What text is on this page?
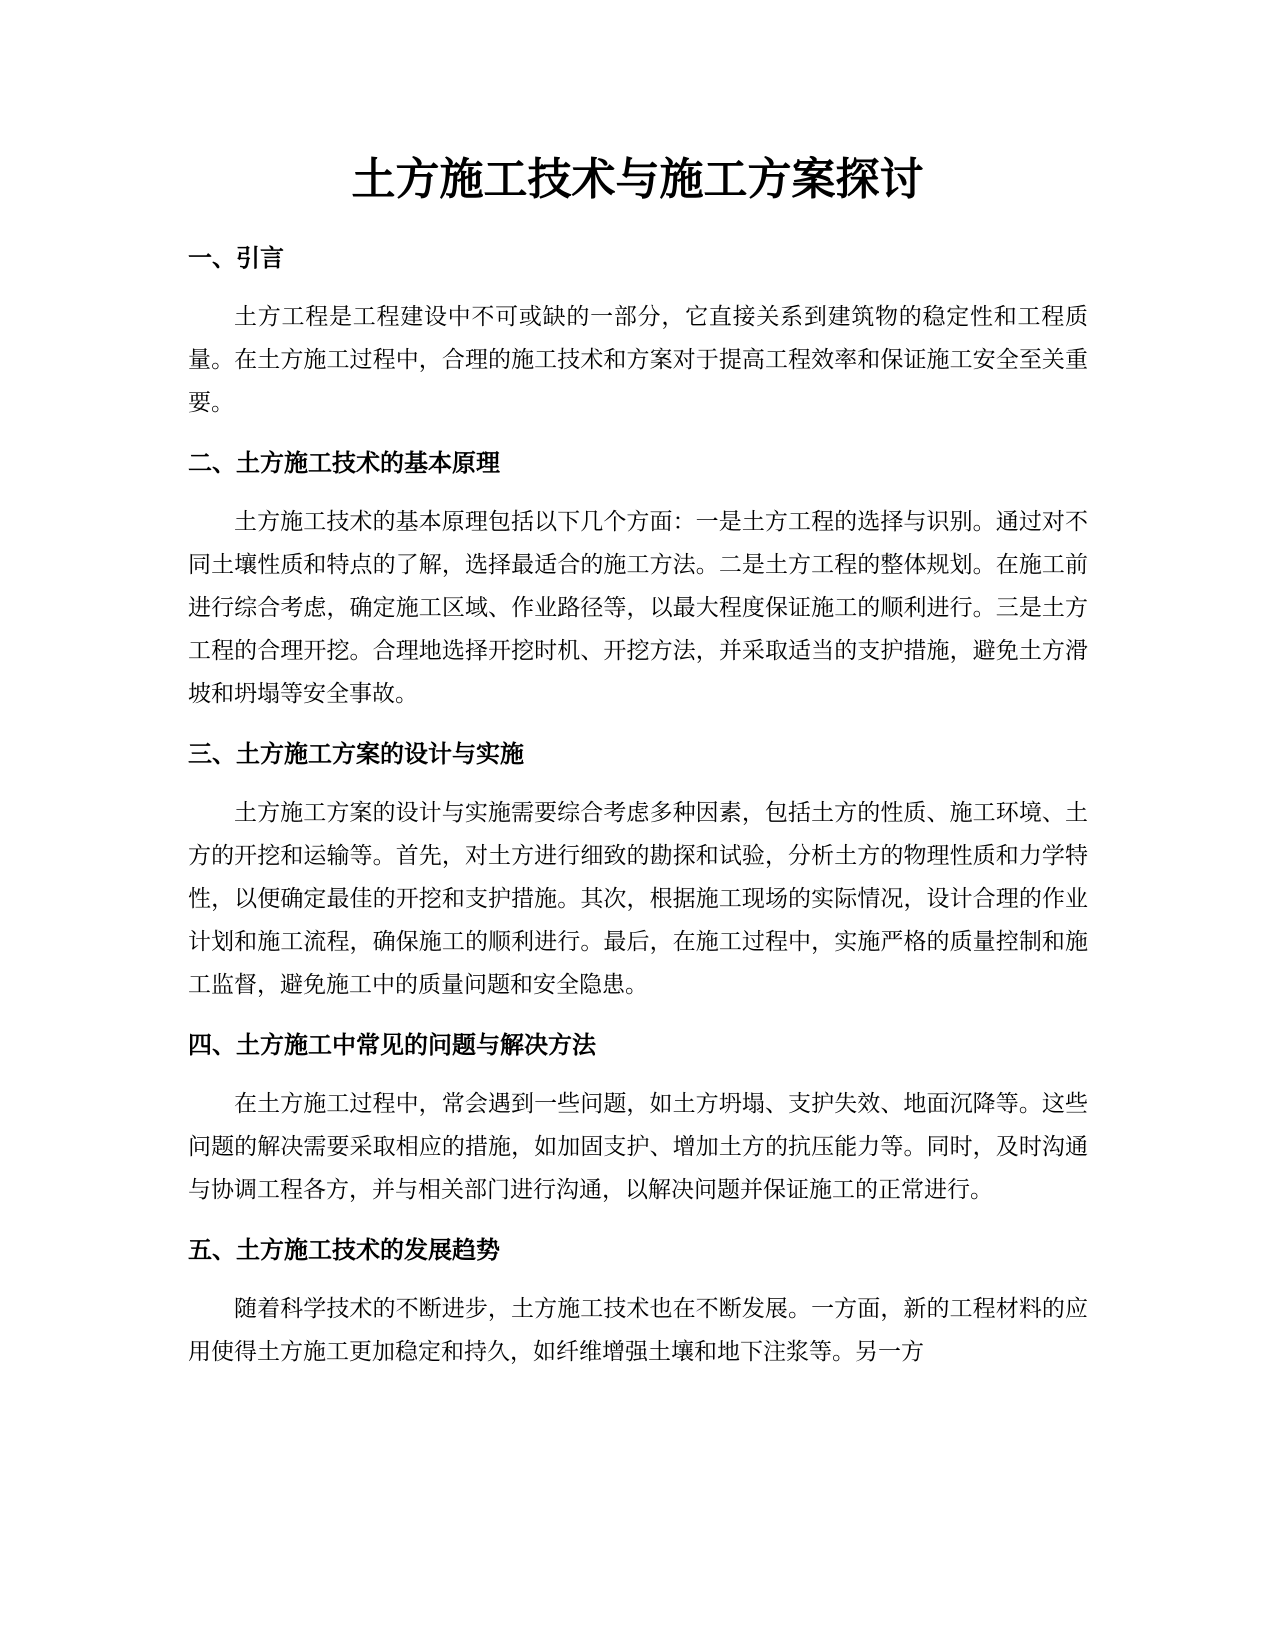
土方施工技术与施工方案探讨
一、引言

土方工程是工程建设中不可或缺的一部分，它直接关系到建筑物的稳定性和工程质量。在土方施工过程中，合理的施工技术和方案对于提高工程效率和保证施工安全至关重要。

二、土方施工技术的基本原理

土方施工技术的基本原理包括以下几个方面：一是土方工程的选择与识别。通过对不同土壤性质和特点的了解，选择最适合的施工方法。二是土方工程的整体规划。在施工前进行综合考虑，确定施工区域、作业路径等，以最大程度保证施工的顺利进行。三是土方工程的合理开挖。合理地选择开挖时机、开挖方法，并采取适当的支护措施，避免土方滑坡和坍塌等安全事故。

三、土方施工方案的设计与实施

土方施工方案的设计与实施需要综合考虑多种因素，包括土方的性质、施工环境、土方的开挖和运输等。首先，对土方进行细致的勘探和试验，分析土方的物理性质和力学特性，以便确定最佳的开挖和支护措施。其次，根据施工现场的实际情况，设计合理的作业计划和施工流程，确保施工的顺利进行。最后，在施工过程中，实施严格的质量控制和施工监督，避免施工中的质量问题和安全隐患。

四、土方施工中常见的问题与解决方法

在土方施工过程中，常会遇到一些问题，如土方坍塌、支护失效、地面沉降等。这些问题的解决需要采取相应的措施，如加固支护、增加土方的抗压能力等。同时，及时沟通与协调工程各方，并与相关部门进行沟通，以解决问题并保证施工的正常进行。

五、土方施工技术的发展趋势

随着科学技术的不断进步，土方施工技术也在不断发展。一方面，新的工程材料的应用使得土方施工更加稳定和持久，如纤维增强土壤和地下注浆等。另一方
